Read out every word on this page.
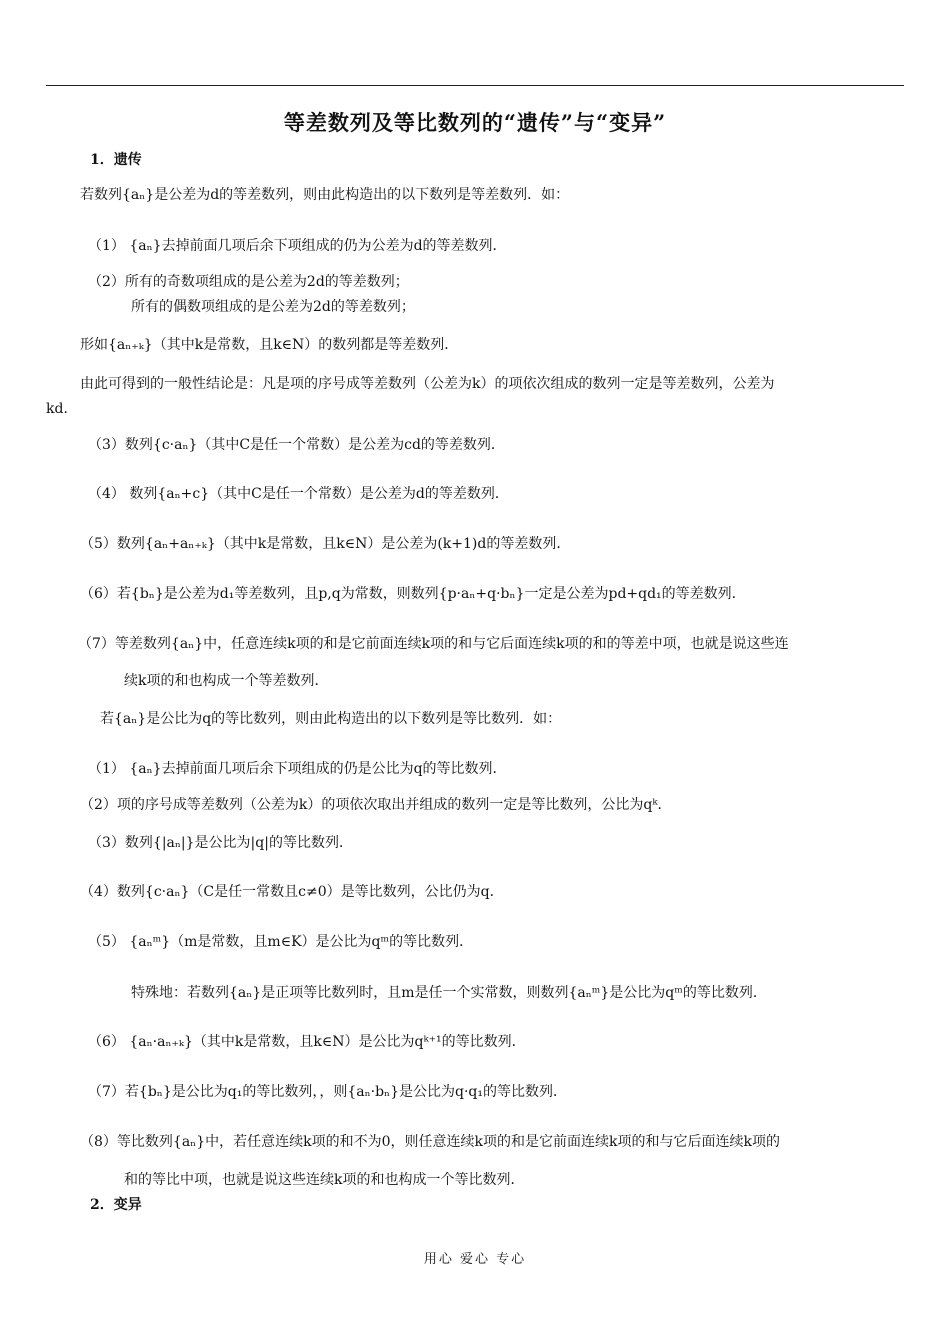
等差数列及等比数列的“遗传”与“变异”
1．遗传
若数列{aₙ}是公差为d的等差数列，则由此构造出的以下数列是等差数列．如：
（1） {aₙ}去掉前面几项后余下项组成的仍为公差为d的等差数列．
（2）所有的奇数项组成的是公差为2d的等差数列；
所有的偶数项组成的是公差为2d的等差数列；
形如{aₙ₊ₖ}（其中k是常数，且k∈N）的数列都是等差数列．
由此可得到的一般性结论是：凡是项的序号成等差数列（公差为k）的项依次组成的数列一定是等差数列，公差为
kd．
（3）数列{c·aₙ}（其中C是任一个常数）是公差为cd的等差数列．
（4） 数列{aₙ+c}（其中C是任一个常数）是公差为d的等差数列．
（5）数列{aₙ+aₙ₊ₖ}（其中k是常数，且k∈N）是公差为(k+1)d的等差数列．
（6）若{bₙ}是公差为d₁等差数列，且p,q为常数，则数列{p·aₙ+q·bₙ}一定是公差为pd+qd₁的等差数列．
（7）等差数列{aₙ}中，任意连续k项的和是它前面连续k项的和与它后面连续k项的和的等差中项，也就是说这些连
续k项的和也构成一个等差数列．
若{aₙ}是公比为q的等比数列，则由此构造出的以下数列是等比数列．如：
（1） {aₙ}去掉前面几项后余下项组成的仍是公比为q的等比数列．
（2）项的序号成等差数列（公差为k）的项依次取出并组成的数列一定是等比数列，公比为qᵏ．
（3）数列{|aₙ|}是公比为|q|的等比数列．
（4）数列{c·aₙ}（C是任一常数且c≠0）是等比数列，公比仍为q．
（5） {aₙᵐ}（m是常数，且m∈K）是公比为qᵐ的等比数列．
特殊地：若数列{aₙ}是正项等比数列时，且m是任一个实常数，则数列{aₙᵐ}是公比为qᵐ的等比数列．
（6） {aₙ·aₙ₊ₖ}（其中k是常数，且k∈N）是公比为qᵏ⁺¹的等比数列．
（7）若{bₙ}是公比为q₁的等比数列，，则{aₙ·bₙ}是公比为q·q₁的等比数列．
（8）等比数列{aₙ}中，若任意连续k项的和不为0，则任意连续k项的和是它前面连续k项的和与它后面连续k项的
和的等比中项，也就是说这些连续k项的和也构成一个等比数列．
2．变异
用心 爱心 专心
